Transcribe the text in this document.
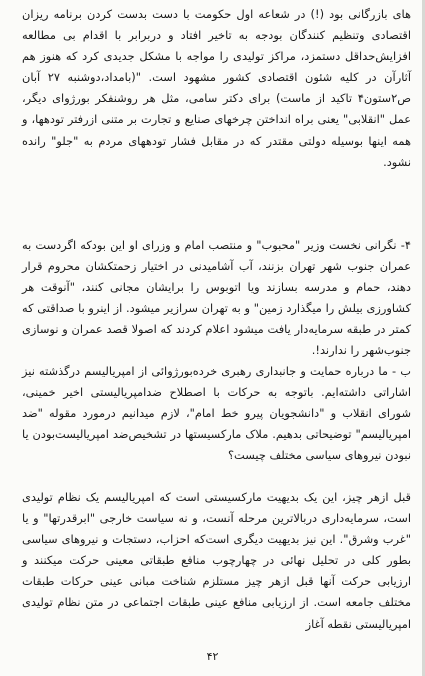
های بازرگانی بود (!) در شعاعه اول حکومت با دست بدست کردن برنامه ریزان اقتصادی وتنظیم کنندگان بودجه به تاخیر افتاد و دربرابر با اقدام بی مطالعه افزایش‌حداقل دستمزد، مراکز تولیدی را مواجه با مشکل جدیدی کرد که هنوز هم آثارآن در کلیه شئون اقتصادی کشور مشهود است. "(بامداد،دوشنبه ۲۷ آبان ص۲ستون۴ تاکید از ماست) برای دکتر سامی، مثل هر روشنفکر بورژوای دیگر، عمل "انقلابی" یعنی براه انداختن چرخهای صنایع و تجارت بر متنی ازرفتر تودهها، و همه اینها بوسیله دولتی مقتدر که در مقابل فشار تودههای مردم به "جلو" رانده نشود.
۴- نگرانی نخست وزیر "محبوب" و منتصب امام و وزرای او این بودکه اگردست به عمران جنوب شهر تهران بزنند، آب آشامیدنی در اختیار زحمتکشان محروم قرار دهند، حمام و مدرسه بسازند ویا اتوبوس را برایشان مجانی کنند، "آنوقت هر کشاورزی بیلش را میگذارد زمین" و به تهران سرازیر میشود. از اینرو با صداقتی که کمتر در طبقه سرمایه‌دار یافت میشود اعلام کردند که اصولا قصد عمران و نوسازی جنوب‌شهر را ندارند!.
ب - ما درباره حمایت و جانبداری رهبری خرده‌بورژوائی از امپریالیسم درگذشته نیز اشاراتی داشته‌ایم. باتوجه به حرکات با اصطلاح ضدامپریالیستی اخیر خمینی، شورای انقلاب و "دانشجویان پیرو خط امام"، لازم میدانیم درمورد مقوله "ضد امپریالیسم" توضیحاتی بدهیم. ملاک مارکسیستها در تشخیص‌ضد امپریالیست‌بودن یا نبودن نیروهای سیاسی مختلف چیست؟
قبل ازهر چیز، این یک بدیهیت مارکسیستی است که امپریالیسم یک نظام تولیدی است، سرمایه‌داری دربالاترین مرحله آنست، و نه سیاست خارجی "ابرقدرتها" و یا "غرب وشرق". این نیز بدیهیت دیگری است‌که احزاب، دستجات و نیروهای سیاسی بطور کلی در تحلیل نهائی در چهارچوب منافع طبقاتی معینی حرکت میکنند و ارزیابی حرکت آنها قبل ازهر چیز مستلزم شناخت مبانی عینی حرکات طبقات مختلف جامعه است. از ارزیابی منافع عینی طبقات اجتماعی در متن نظام تولیدی امپریالیستی نقطه آغاز
۴۲
